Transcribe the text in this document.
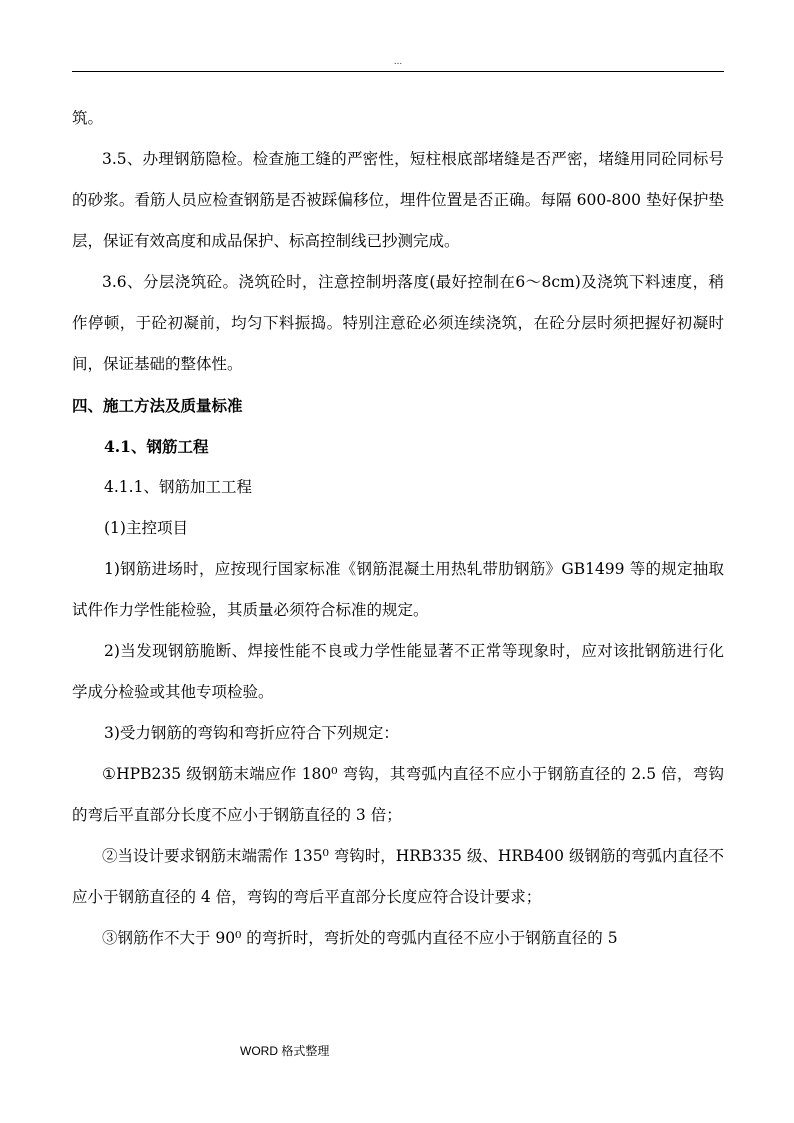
...

筑。

3.5、办理钢筋隐检。检查施工缝的严密性，短柱根底部堵缝是否严密，堵缝用同砼同标号的砂浆。看筋人员应检查钢筋是否被踩偏移位，埋件位置是否正确。每隔 600-800 垫好保护垫层，保证有效高度和成品保护、标高控制线已抄测完成。

3.6、分层浇筑砼。浇筑砼时，注意控制坍落度(最好控制在6～8cm)及浇筑下料速度，稍作停顿，于砼初凝前，均匀下料振捣。特别注意砼必须连续浇筑，在砼分层时须把握好初凝时间，保证基础的整体性。

四、施工方法及质量标准

4.1、钢筋工程

4.1.1、钢筋加工工程

(1)主控项目

1)钢筋进场时，应按现行国家标准《钢筋混凝土用热轧带肋钢筋》GB1499 等的规定抽取试件作力学性能检验，其质量必须符合标准的规定。

2)当发现钢筋脆断、焊接性能不良或力学性能显著不正常等现象时，应对该批钢筋进行化学成分检验或其他专项检验。

3)受力钢筋的弯钩和弯折应符合下列规定：

①HPB235 级钢筋末端应作 180⁰ 弯钩，其弯弧内直径不应小于钢筋直径的 2.5 倍，弯钩的弯后平直部分长度不应小于钢筋直径的 3 倍；

②当设计要求钢筋末端需作 135⁰ 弯钩时，HRB335 级、HRB400 级钢筋的弯弧内直径不应小于钢筋直径的 4 倍，弯钩的弯后平直部分长度应符合设计要求；

③钢筋作不大于 90⁰ 的弯折时，弯折处的弯弧内直径不应小于钢筋直径的 5

WORD 格式整理
